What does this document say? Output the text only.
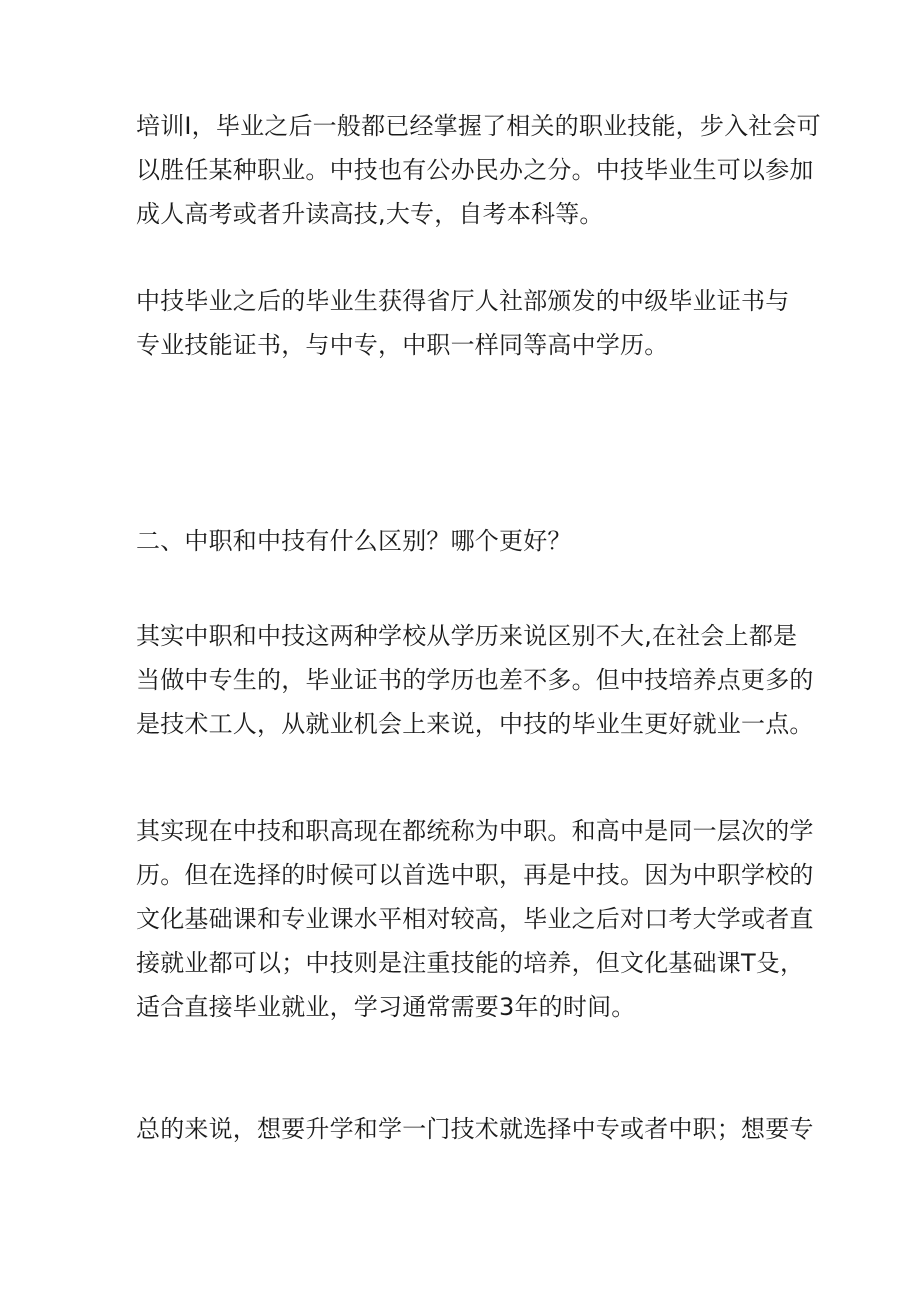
培训I，毕业之后一般都已经掌握了相关的职业技能，步入社会可
以胜任某种职业。中技也有公办民办之分。中技毕业生可以参加
成人高考或者升读高技,大专，自考本科等。
中技毕业之后的毕业生获得省厅人社部颁发的中级毕业证书与
专业技能证书，与中专，中职一样同等高中学历。
二、中职和中技有什么区别？哪个更好？
其实中职和中技这两种学校从学历来说区别不大,在社会上都是
当做中专生的，毕业证书的学历也差不多。但中技培养点更多的
是技术工人，从就业机会上来说，中技的毕业生更好就业一点。
其实现在中技和职高现在都统称为中职。和高中是同一层次的学
历。但在选择的时候可以首选中职，再是中技。因为中职学校的
文化基础课和专业课水平相对较高，毕业之后对口考大学或者直
接就业都可以；中技则是注重技能的培养，但文化基础课T殳，
适合直接毕业就业，学习通常需要3年的时间。
总的来说，想要升学和学一门技术就选择中专或者中职；想要专
